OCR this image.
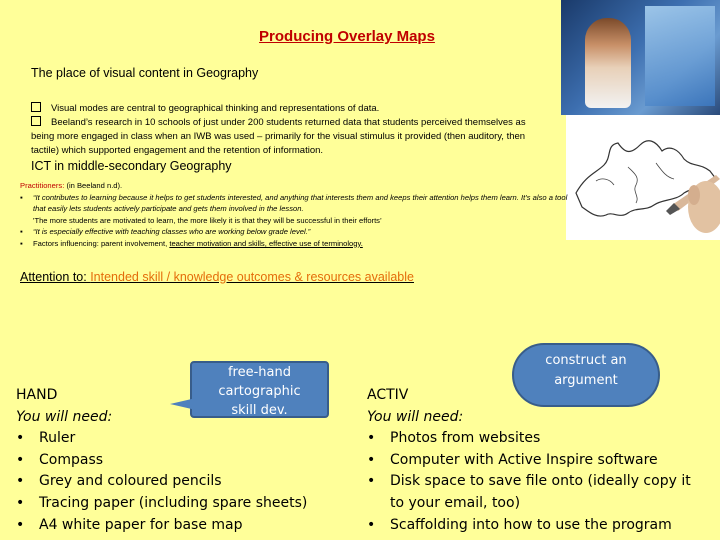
Producing Overlay Maps
The place of visual content in Geography
Visual modes are central to geographical thinking and representations of data.
Beeland’s research in 10 schools of just under 200 students returned data that students perceived themselves as being more engaged in class when an IWB was used – primarily for the visual stimulus it provided (then auditory, then tactile) which supported engagement and the retention of information.
ICT in middle-secondary Geography
Practitioners: (in Beeland n.d).
▪ “It contributes to learning because it helps to get students interested, and anything that interests them and keeps their attention helps them learn. It’s also a tool that easily lets students actively participate and gets them involved in the lesson.
'The more students are motivated to learn, the more likely it is that they will be successful in their efforts’
▪ “It is especially effective with teaching classes who are working below grade level.”
▪ Factors influencing: parent involvement, teacher motivation and skills, effective use of terminology.
Attention to: Intended skill / knowledge outcomes & resources available
free-hand
cartographic
skill dev.
construct an
argument
HAND
You will need:
• Ruler
• Compass
• Grey and coloured pencils
• Tracing paper (including spare sheets)
• A4 white paper for base map
ACTIV
You will need:
• Photos from websites
• Computer with Active Inspire software
• Disk space to save file onto (ideally copy it to your email, too)
• Scaffolding into how to use the program
